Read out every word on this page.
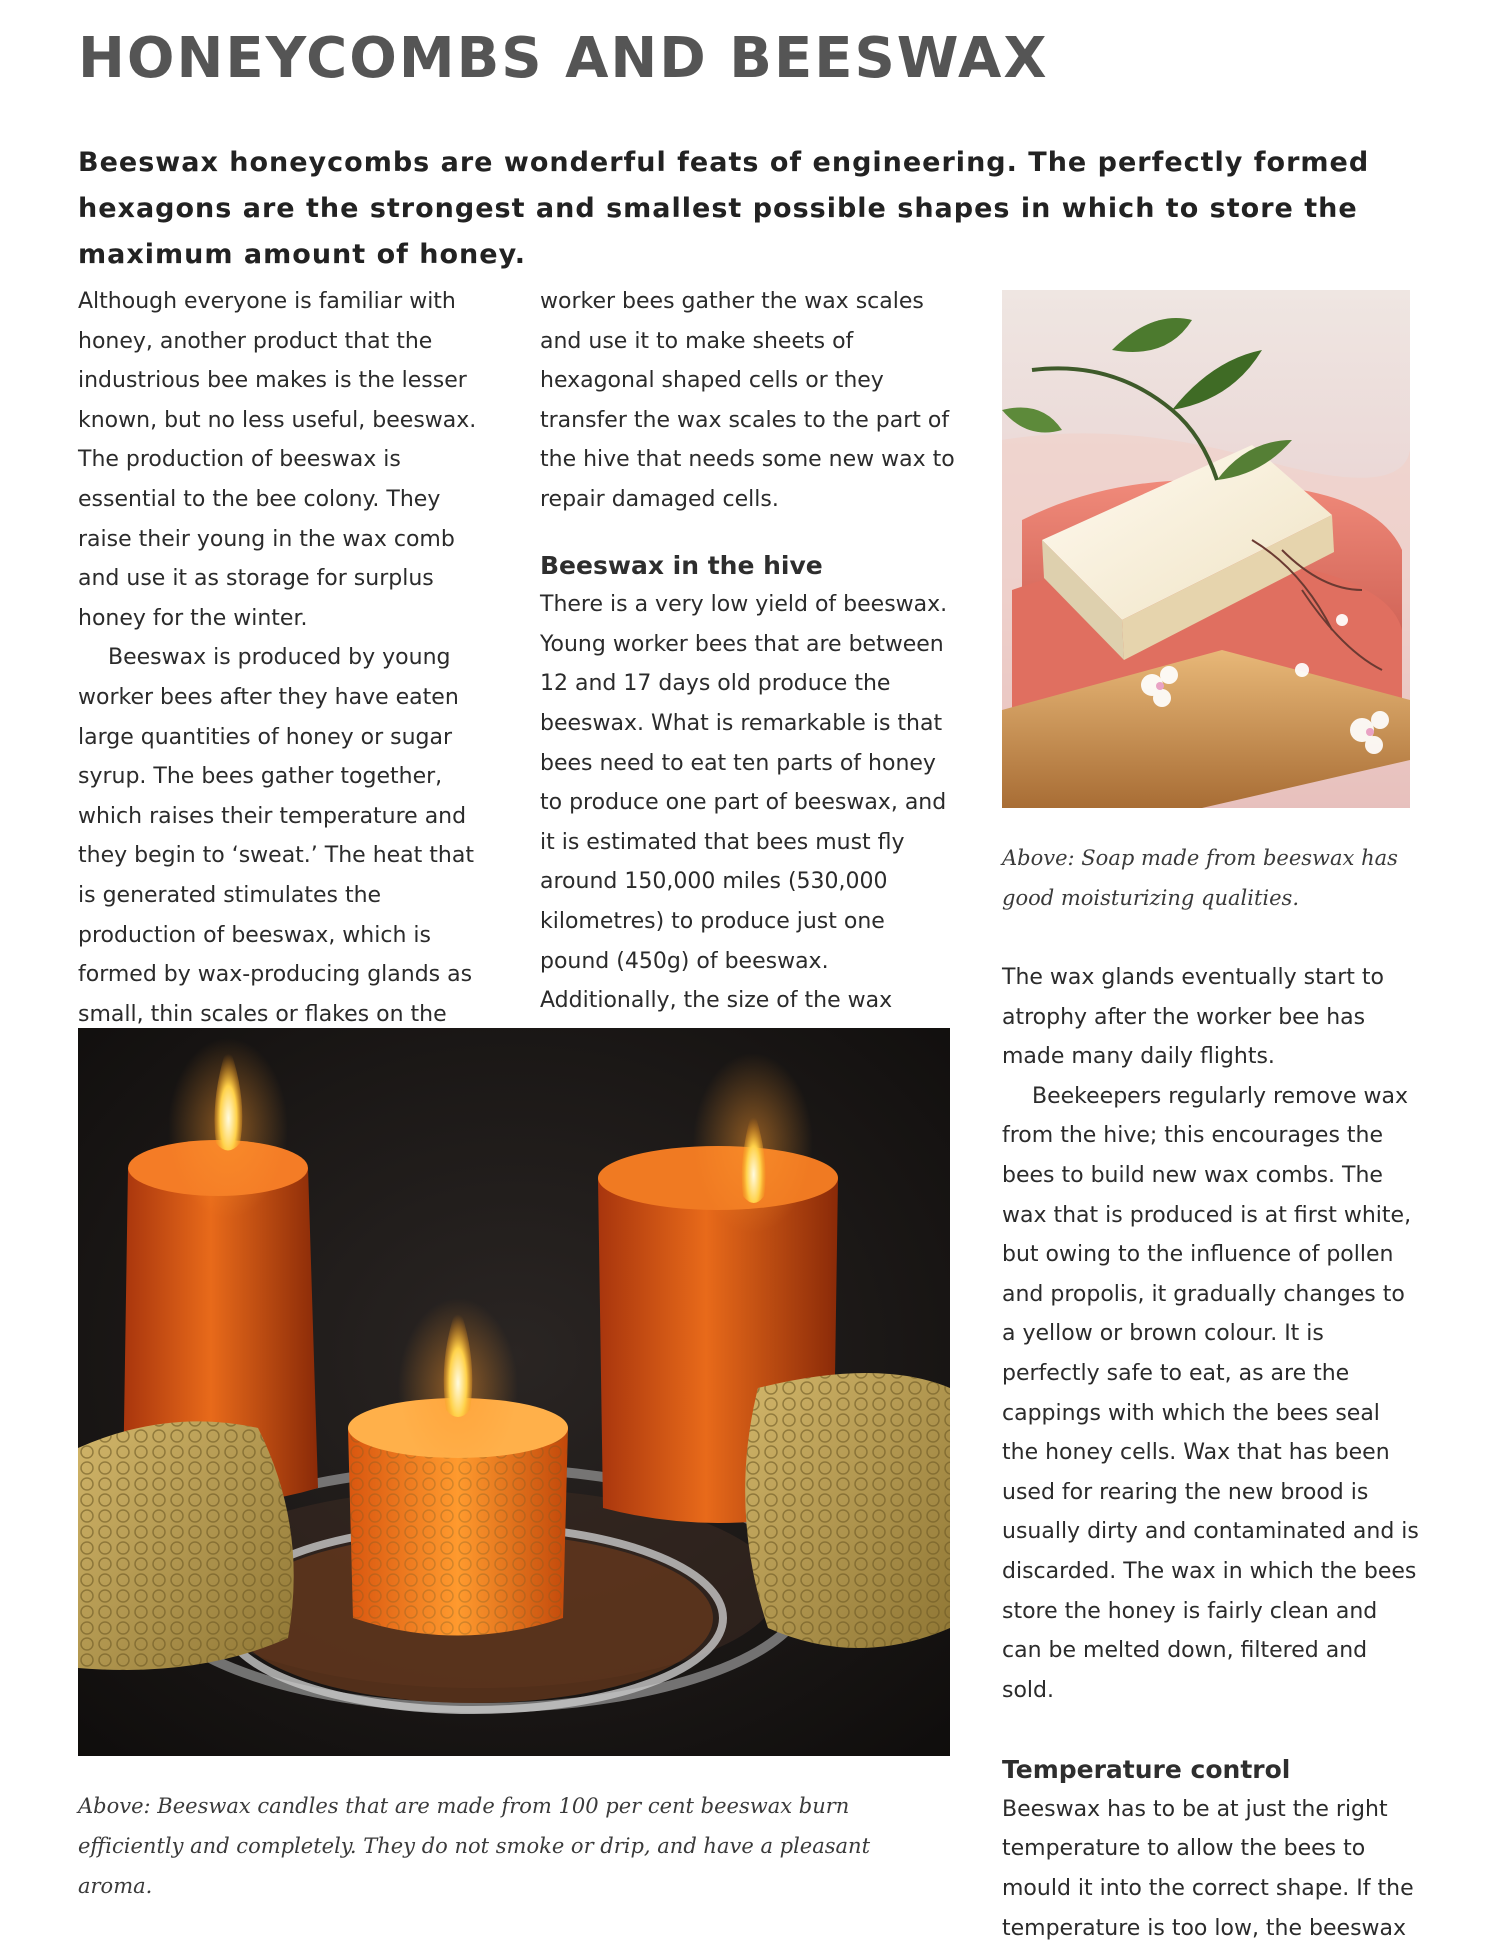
HONEYCOMBS AND BEESWAX

Beeswax honeycombs are wonderful feats of engineering. The perfectly formed hexagons are the strongest and smallest possible shapes in which to store the maximum amount of honey.

Although everyone is familiar with honey, another product that the industrious bee makes is the lesser known, but no less useful, beeswax. The production of beeswax is essential to the bee colony. They raise their young in the wax comb and use it as storage for surplus honey for the winter.

Beeswax is produced by young worker bees after they have eaten large quantities of honey or sugar syrup. The bees gather together, which raises their temperature and they begin to ‘sweat.’ The heat that is generated stimulates the production of beeswax, which is formed by wax-producing glands as small, thin scales or flakes on the

worker bees gather the wax scales and use it to make sheets of hexagonal shaped cells or they transfer the wax scales to the part of the hive that needs some new wax to repair damaged cells.

Beeswax in the hive

There is a very low yield of beeswax. Young worker bees that are between 12 and 17 days old produce the beeswax. What is remarkable is that bees need to eat ten parts of honey to produce one part of beeswax, and it is estimated that bees must fly around 150,000 miles (530,000 kilometres) to produce just one pound (450g) of beeswax. Additionally, the size of the wax

Above: Soap made from beeswax has good moisturizing qualities.

The wax glands eventually start to atrophy after the worker bee has made many daily flights.

Beekeepers regularly remove wax from the hive; this encourages the bees to build new wax combs. The wax that is produced is at first white, but owing to the influence of pollen and propolis, it gradually changes to a yellow or brown colour. It is perfectly safe to eat, as are the cappings with which the bees seal the honey cells. Wax that has been used for rearing the new brood is usually dirty and contaminated and is discarded. The wax in which the bees store the honey is fairly clean and can be melted down, filtered and sold.

Temperature control

Beeswax has to be at just the right temperature to allow the bees to mould it into the correct shape. If the temperature is too low, the beeswax

Above: Beeswax candles that are made from 100 per cent beeswax burn efficiently and completely. They do not smoke or drip, and have a pleasant aroma.
